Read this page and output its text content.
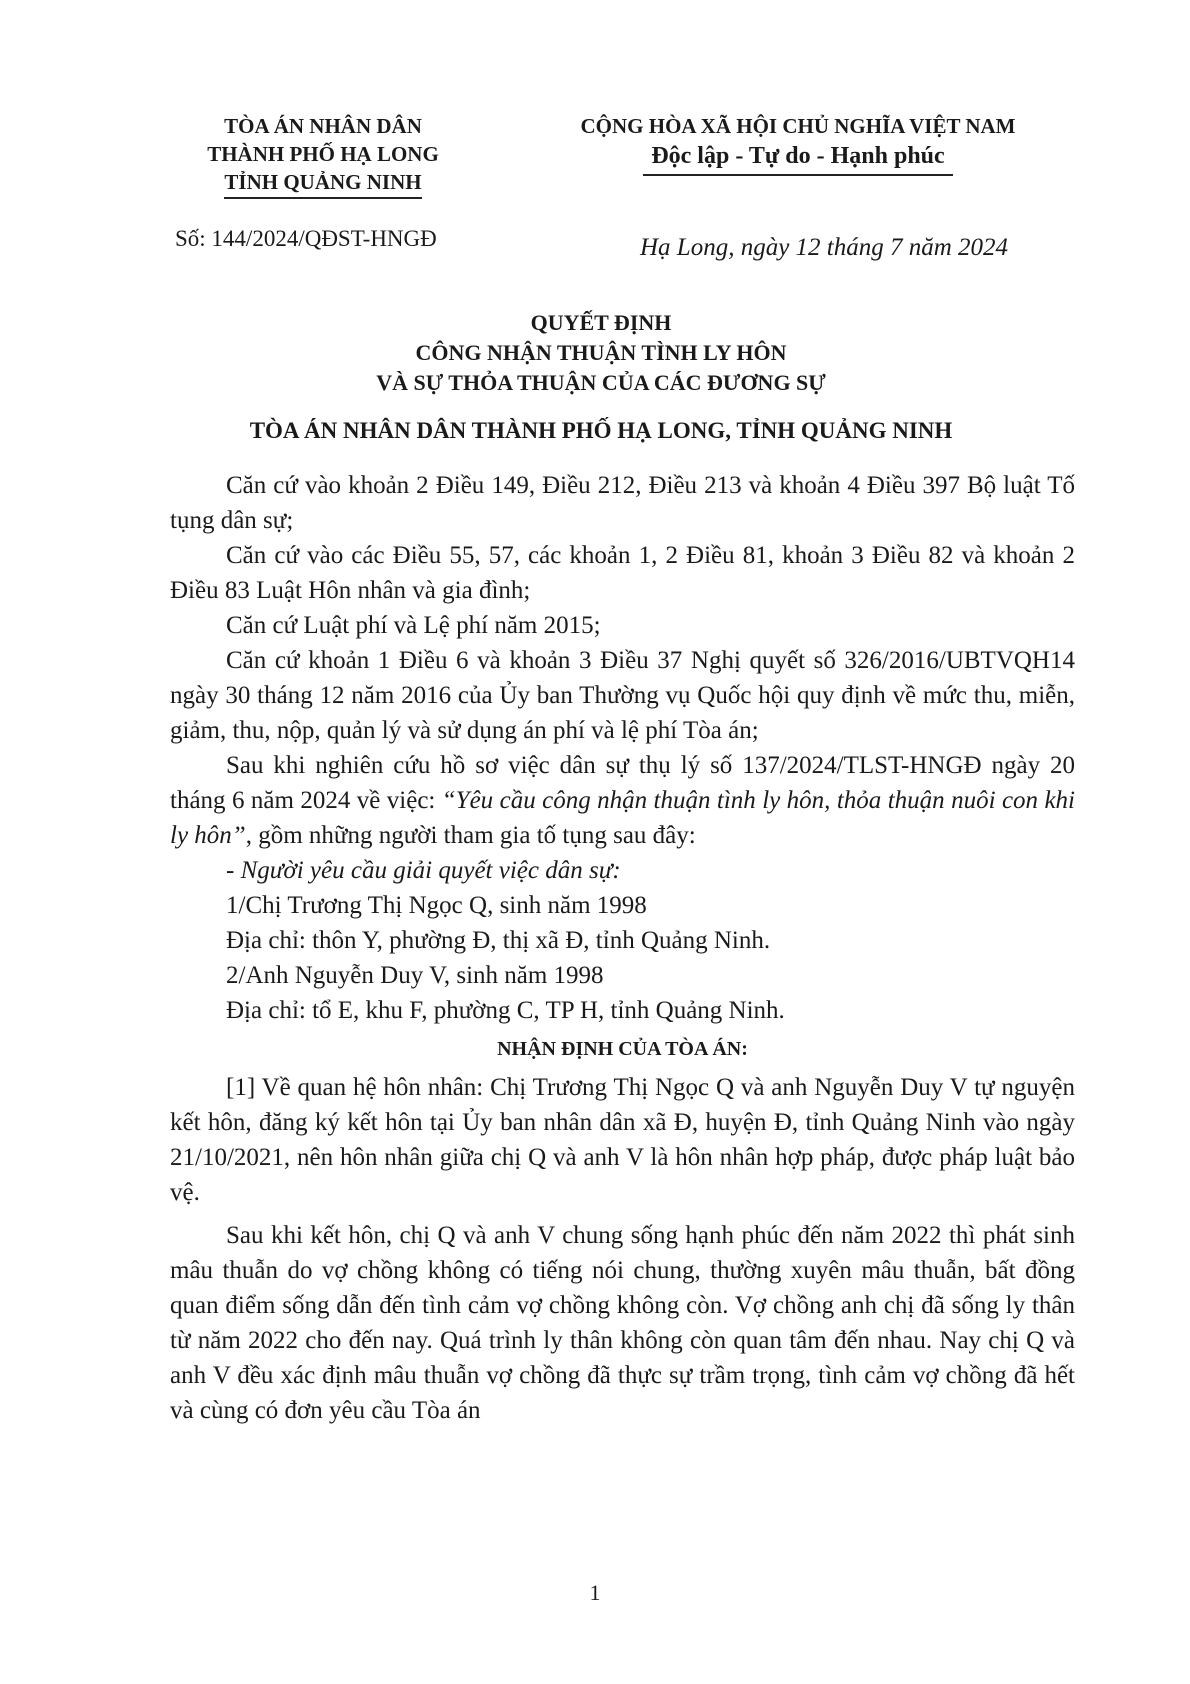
TÒA ÁN NHÂN DÂN
THÀNH PHỐ HẠ LONG
TỈNH QUẢNG NINH
CỘNG HÒA XÃ HỘI CHỦ NGHĨA VIỆT NAM
Độc lập - Tự do - Hạnh phúc
Số: 144/2024/QĐST-HNGĐ	Hạ Long, ngày 12 tháng 7 năm 2024
QUYẾT ĐỊNH
CÔNG NHẬN THUẬN TÌNH LY HÔN
VÀ SỰ THỎA THUẬN CỦA CÁC ĐƯƠNG SỰ
TÒA ÁN NHÂN DÂN THÀNH PHỐ HẠ LONG, TỈNH QUẢNG NINH

Căn cứ vào khoản 2 Điều 149, Điều 212, Điều 213 và khoản 4 Điều 397 Bộ luật Tố tụng dân sự;

Căn cứ vào các Điều 55, 57, các khoản 1, 2 Điều 81, khoản 3 Điều 82 và khoản 2 Điều 83 Luật Hôn nhân và gia đình;

Căn cứ Luật phí và Lệ phí năm 2015;

Căn cứ khoản 1 Điều 6 và khoản 3 Điều 37 Nghị quyết số 326/2016/UBTVQH14 ngày 30 tháng 12 năm 2016 của Ủy ban Thường vụ Quốc hội quy định về mức thu, miễn, giảm, thu, nộp, quản lý và sử dụng án phí và lệ phí Tòa án;

Sau khi nghiên cứu hồ sơ việc dân sự thụ lý số 137/2024/TLST-HNGĐ ngày 20 tháng 6 năm 2024 về việc: “Yêu cầu công nhận thuận tình ly hôn, thỏa thuận nuôi con khi ly hôn”, gồm những người tham gia tố tụng sau đây:

- Người yêu cầu giải quyết việc dân sự:

1/Chị Trương Thị Ngọc Q, sinh năm 1998

Địa chỉ: thôn Y, phường Đ, thị xã Đ, tỉnh Quảng Ninh.

2/Anh Nguyễn Duy V, sinh năm 1998

Địa chỉ: tổ E, khu F, phường C, TP H, tỉnh Quảng Ninh.

NHẬN ĐỊNH CỦA TÒA ÁN:

[1] Về quan hệ hôn nhân: Chị Trương Thị Ngọc Q và anh Nguyễn Duy V tự nguyện kết hôn, đăng ký kết hôn tại Ủy ban nhân dân xã Đ, huyện Đ, tỉnh Quảng Ninh vào ngày 21/10/2021, nên hôn nhân giữa chị Q và anh V là hôn nhân hợp pháp, được pháp luật bảo vệ.

Sau khi kết hôn, chị Q và anh V chung sống hạnh phúc đến năm 2022 thì phát sinh mâu thuẫn do vợ chồng không có tiếng nói chung, thường xuyên mâu thuẫn, bất đồng quan điểm sống dẫn đến tình cảm vợ chồng không còn. Vợ chồng anh chị đã sống ly thân từ năm 2022 cho đến nay. Quá trình ly thân không còn quan tâm đến nhau. Nay chị Q và anh V đều xác định mâu thuẫn vợ chồng đã thực sự trầm trọng, tình cảm vợ chồng đã hết và cùng có đơn yêu cầu Tòa án

1
